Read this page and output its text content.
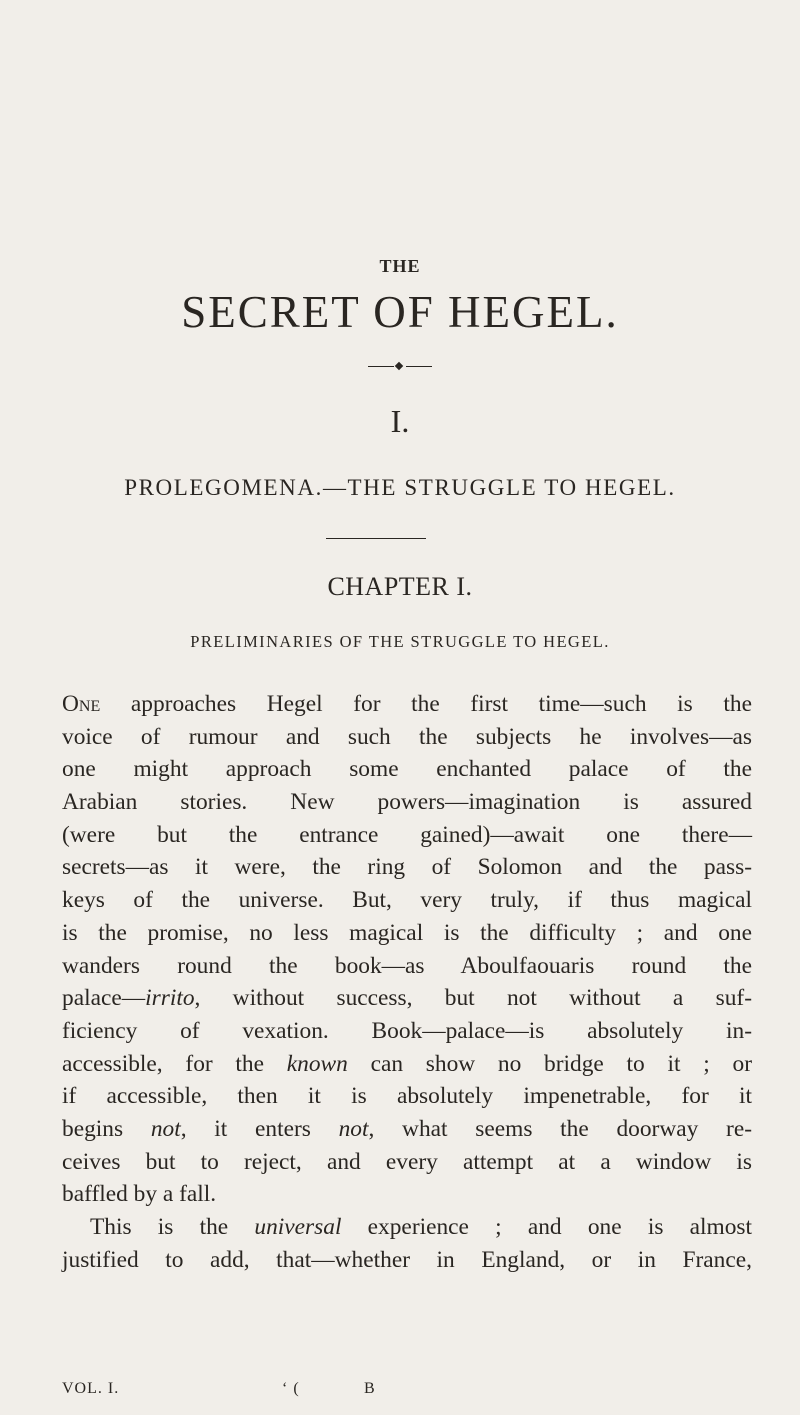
THE
SECRET OF HEGEL.
I.
PROLEGOMENA.—THE STRUGGLE TO HEGEL.
CHAPTER I.
PRELIMINARIES OF THE STRUGGLE TO HEGEL.
One approaches Hegel for the first time—such is the
voice of rumour and such the subjects he involves—as
one might approach some enchanted palace of the
Arabian stories. New powers—imagination is assured
(were but the entrance gained)—await one there—
secrets—as it were, the ring of Solomon and the pass-
keys of the universe. But, very truly, if thus magical
is the promise, no less magical is the difficulty ; and one
wanders round the book—as Aboulfaouaris round the
palace—irrito, without success, but not without a suf-
ficiency of vexation. Book—palace—is absolutely in-
accessible, for the known can show no bridge to it ; or
if accessible, then it is absolutely impenetrable, for it
begins not, it enters not, what seems the doorway re-
ceives but to reject, and every attempt at a window is
baffled by a fall.
This is the universal experience ; and one is almost
justified to add, that—whether in England, or in France,
VOL. I.	‘ (	B
